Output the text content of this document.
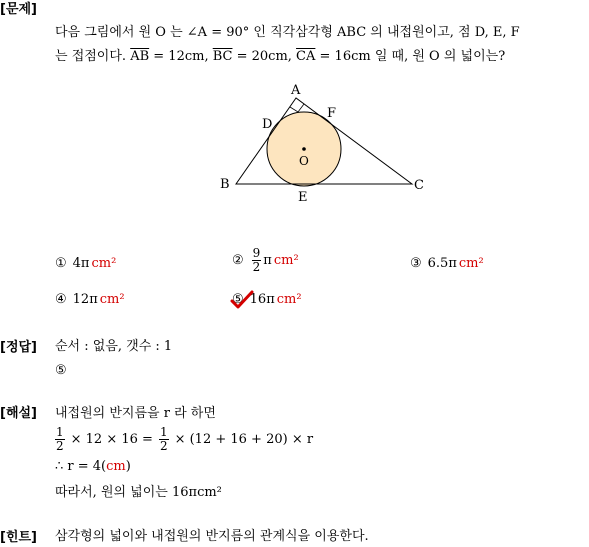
[문제]
다음 그림에서 원 O 는 ∠A = 90° 인 직각삼각형 ABC 의 내접원이고, 점 D, E, F
는 접점이다. $\overline{AB} = 12cm$, $\overline{BC} = 20cm$, $\overline{CA} = 16cm$ 일 때, 원 O 의 넓이는?
A
B	C
D
E
F
O
① 4π cm²	② $\frac{9}{2}$ π cm²	③ 6.5π cm²
④ 12π cm²	⑤ 16π cm²
[정답] 순서 : 없음, 갯수 : 1
⑤
[해설] 내접원의 반지름을 r 라 하면
$\frac{1}{2} \times 12 \times 16 = \frac{1}{2} \times (12 + 16 + 20) \times r$
∴ r = 4(cm)
따라서, 원의 넓이는 16πcm²
[힌트] 삼각형의 넓이와 내접원의 반지름의 관계식을 이용한다.
